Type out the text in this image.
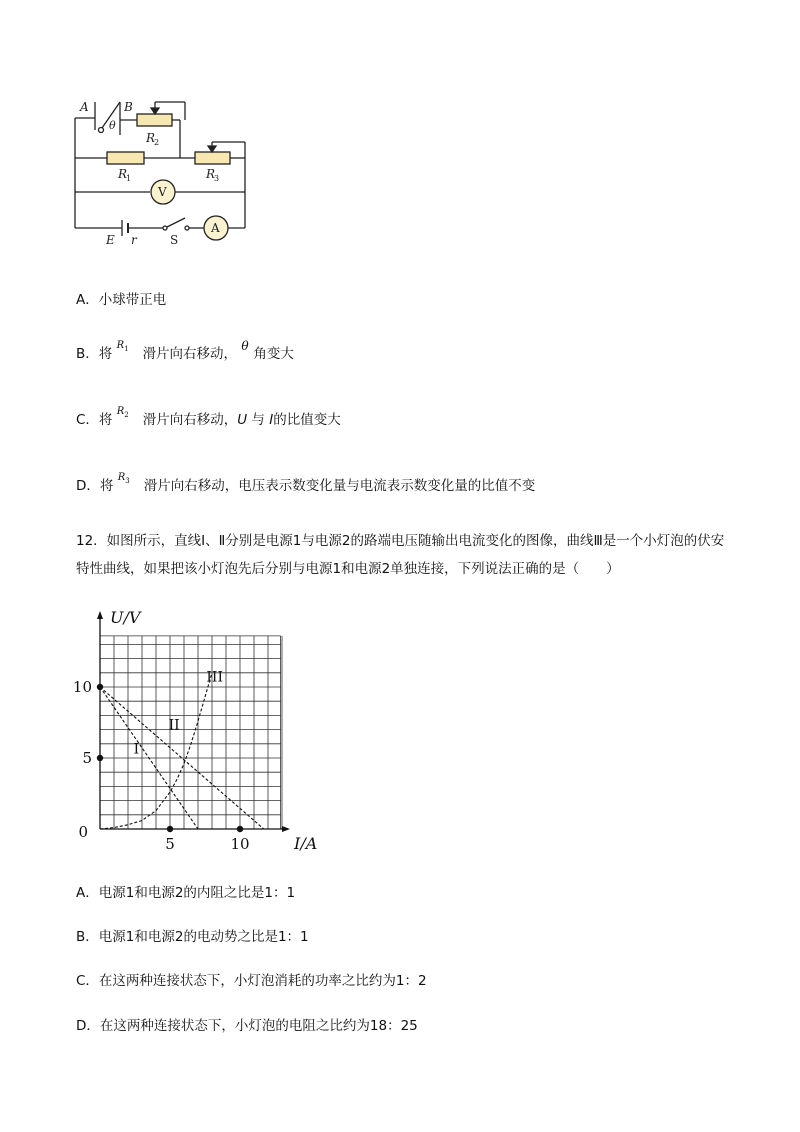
A	B
θ
R
2
R
1	R
3
V
E r	S
A
A．小球带正电
B．将 $R_1$ 滑片向右移动， θ 角变大
C．将 $R_2$ 滑片向右移动，U 与 I的比值变大
D．将 $R_3$ 滑片向右移动，电压表示数变化量与电流表示数变化量的比值不变
12．如图所示，直线Ⅰ、Ⅱ分别是电源1与电源2的路端电压随输出电流变化的图像，曲线Ⅲ是一个小灯泡的伏安特性曲线，如果把该小灯泡先后分别与电源1和电源2单独连接，下列说法正确的是（　　）
I
II
III
5
10
5	10
0
U/V
I/A
A．电源1和电源2的内阻之比是1：1
B．电源1和电源2的电动势之比是1：1
C．在这两种连接状态下，小灯泡消耗的功率之比约为1：2
D．在这两种连接状态下，小灯泡的电阻之比约为18：25
